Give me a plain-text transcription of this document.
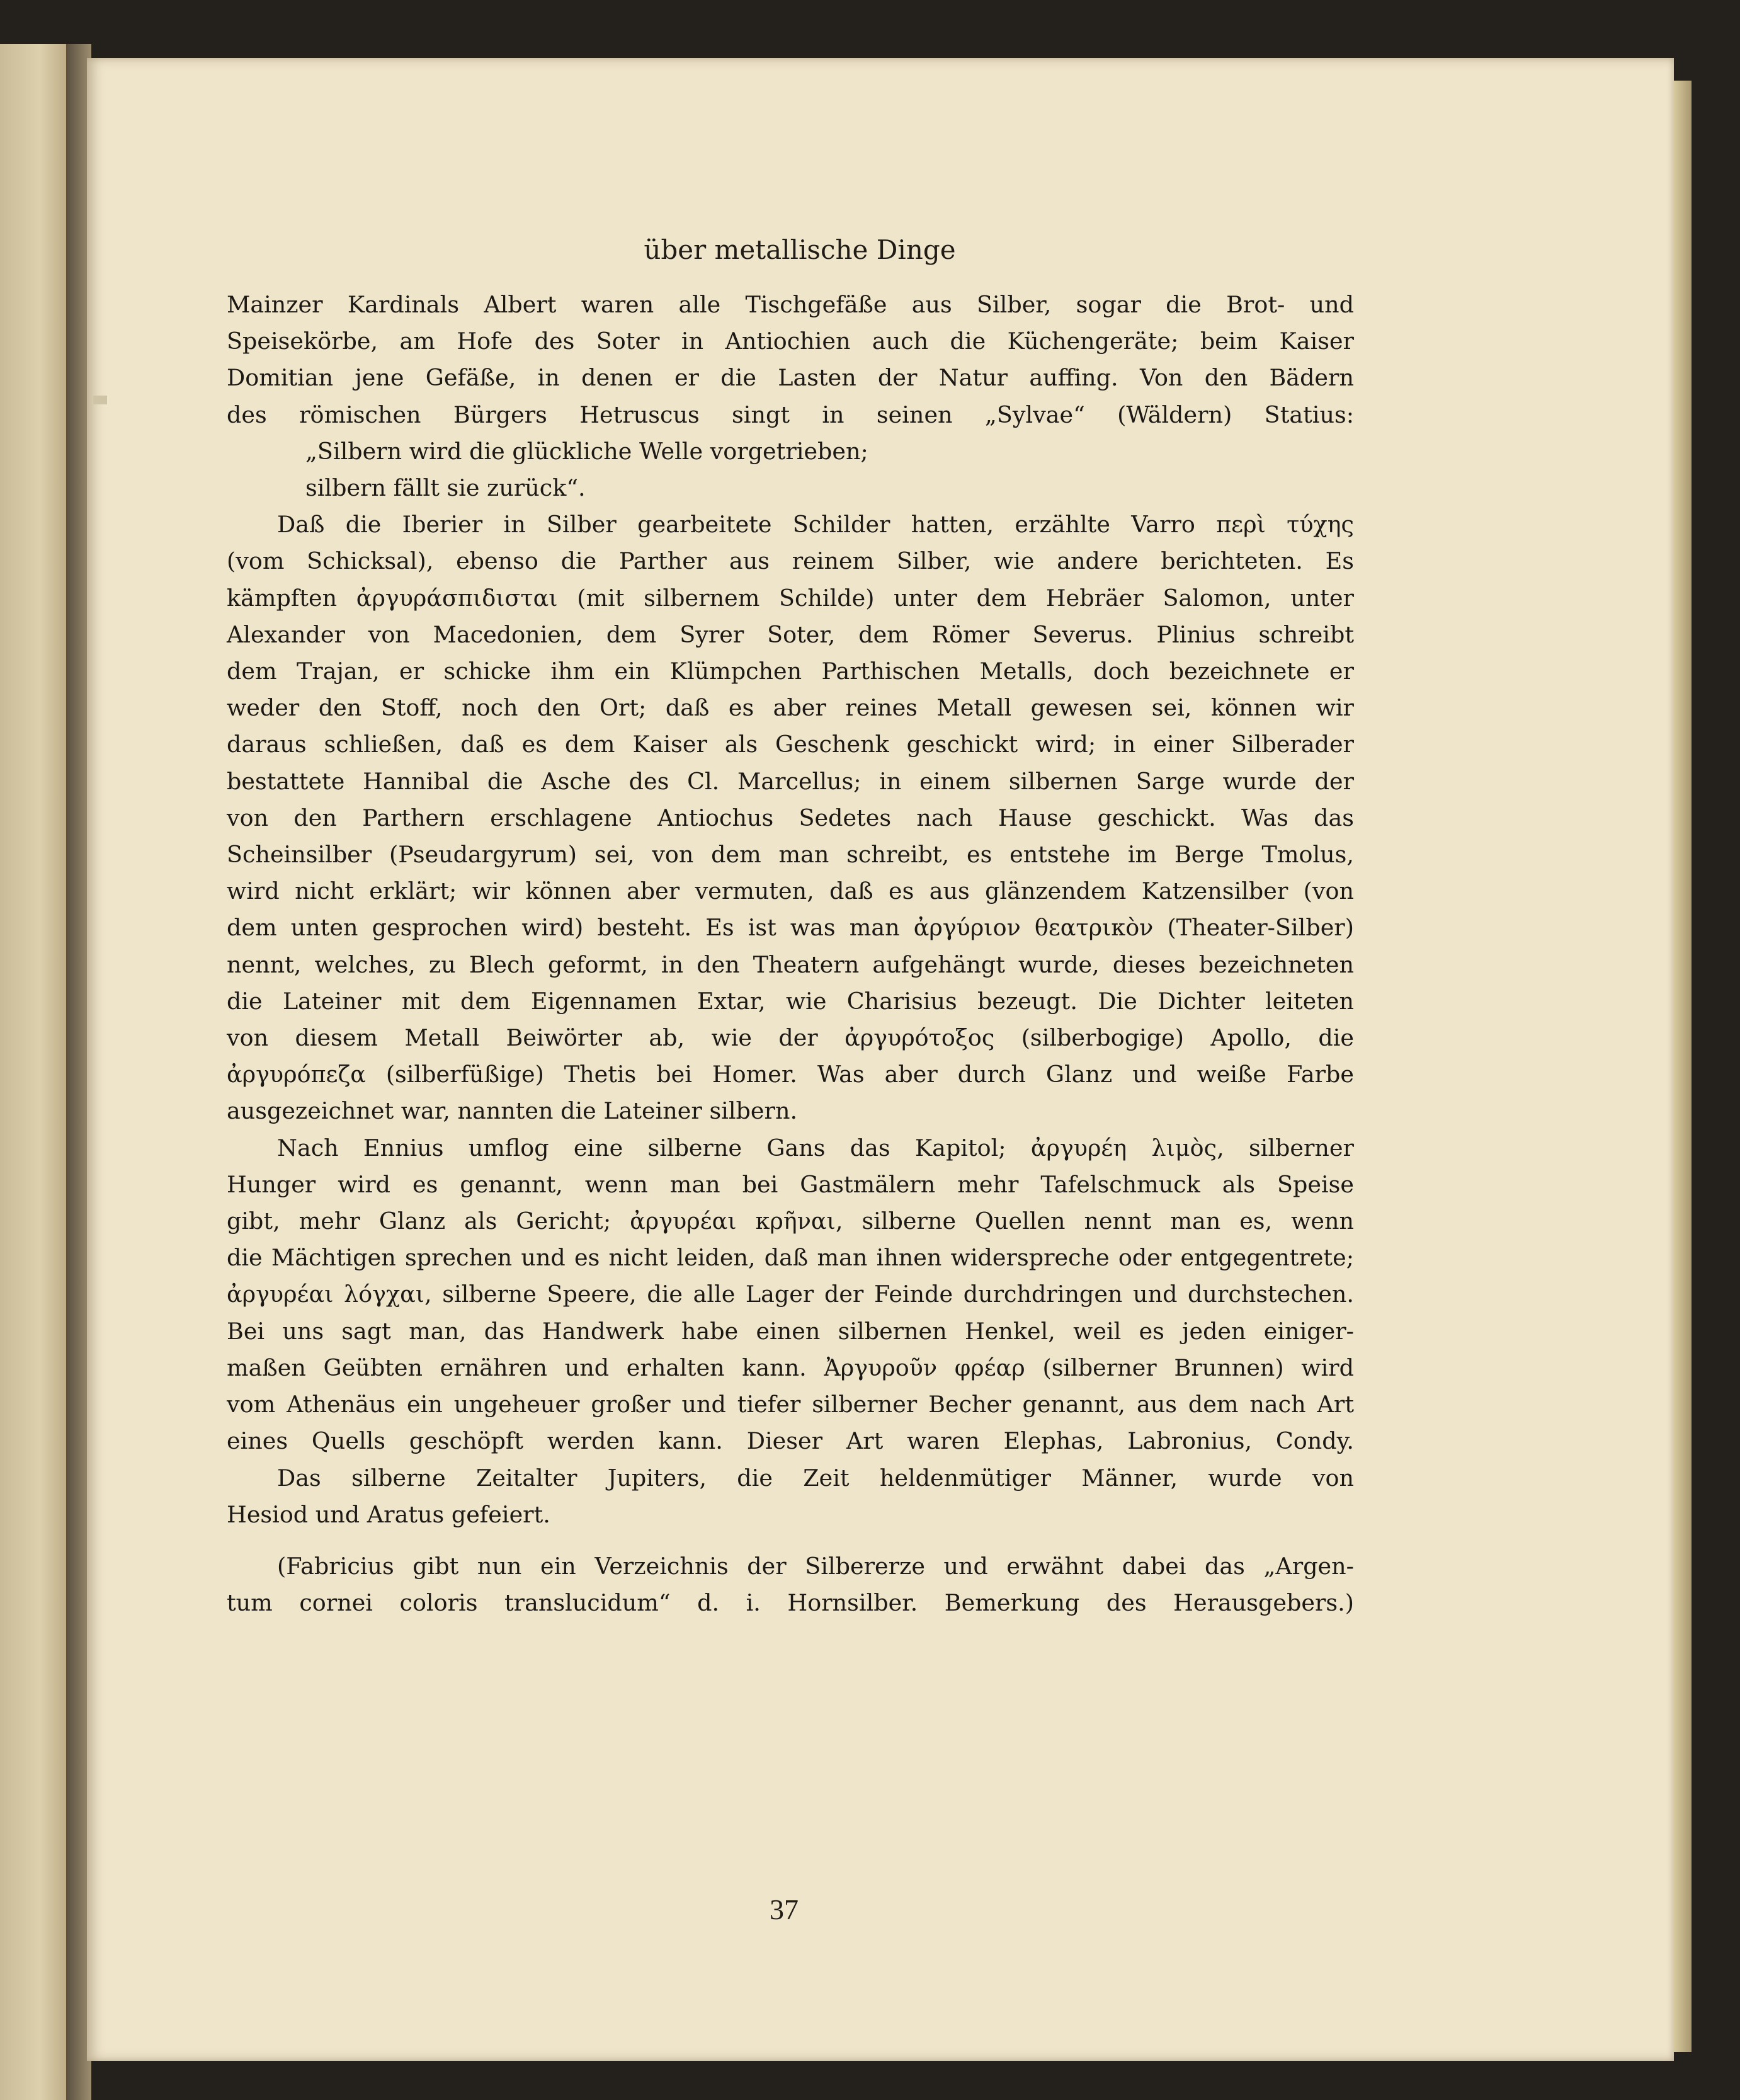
über metallische Dinge
Mainzer Kardinals Albert waren alle Tischgefäße aus Silber, sogar die Brot- und
Speisekörbe, am Hofe des Soter in Antiochien auch die Küchengeräte; beim Kaiser
Domitian jene Gefäße, in denen er die Lasten der Natur auffing. Von den Bädern
des römischen Bürgers Hetruscus singt in seinen „Sylvae“ (Wäldern) Statius:
„Silbern wird die glückliche Welle vorgetrieben;
silbern fällt sie zurück“.
Daß die Iberier in Silber gearbeitete Schilder hatten, erzählte Varro περὶ τύχης
(vom Schicksal), ebenso die Parther aus reinem Silber, wie andere berichteten. Es
kämpften ἀργυράσπιδισται (mit silbernem Schilde) unter dem Hebräer Salomon, unter
Alexander von Macedonien, dem Syrer Soter, dem Römer Severus. Plinius schreibt
dem Trajan, er schicke ihm ein Klümpchen Parthischen Metalls, doch bezeichnete er
weder den Stoff, noch den Ort; daß es aber reines Metall gewesen sei, können wir
daraus schließen, daß es dem Kaiser als Geschenk geschickt wird; in einer Silberader
bestattete Hannibal die Asche des Cl. Marcellus; in einem silbernen Sarge wurde der
von den Parthern erschlagene Antiochus Sedetes nach Hause geschickt. Was das
Scheinsilber (Pseudargyrum) sei, von dem man schreibt, es entstehe im Berge Tmolus,
wird nicht erklärt; wir können aber vermuten, daß es aus glänzendem Katzensilber (von
dem unten gesprochen wird) besteht. Es ist was man ἀργύριον θεατρικὸν (Theater-Silber)
nennt, welches, zu Blech geformt, in den Theatern aufgehängt wurde, dieses bezeichneten
die Lateiner mit dem Eigennamen Extar, wie Charisius bezeugt. Die Dichter leiteten
von diesem Metall Beiwörter ab, wie der ἀργυρότοξος (silberbogige) Apollo, die
ἀργυρόπεζα (silberfüßige) Thetis bei Homer. Was aber durch Glanz und weiße Farbe
ausgezeichnet war, nannten die Lateiner silbern.
Nach Ennius umflog eine silberne Gans das Kapitol; ἀργυρέη λιμὸς, silberner
Hunger wird es genannt, wenn man bei Gastmälern mehr Tafelschmuck als Speise
gibt, mehr Glanz als Gericht; ἀργυρέαι κρῆναι, silberne Quellen nennt man es, wenn
die Mächtigen sprechen und es nicht leiden, daß man ihnen widerspreche oder entgegentrete;
ἀργυρέαι λόγχαι, silberne Speere, die alle Lager der Feinde durchdringen und durchstechen.
Bei uns sagt man, das Handwerk habe einen silbernen Henkel, weil es jeden einiger-
maßen Geübten ernähren und erhalten kann. Ἀργυροῦν φρέαρ (silberner Brunnen) wird
vom Athenäus ein ungeheuer großer und tiefer silberner Becher genannt, aus dem nach Art
eines Quells geschöpft werden kann. Dieser Art waren Elephas, Labronius, Condy.
Das silberne Zeitalter Jupiters, die Zeit heldenmütiger Männer, wurde von
Hesiod und Aratus gefeiert.
(Fabricius gibt nun ein Verzeichnis der Silbererze und erwähnt dabei das „Argen-
tum cornei coloris translucidum“ d. i. Hornsilber. Bemerkung des Herausgebers.)
37
